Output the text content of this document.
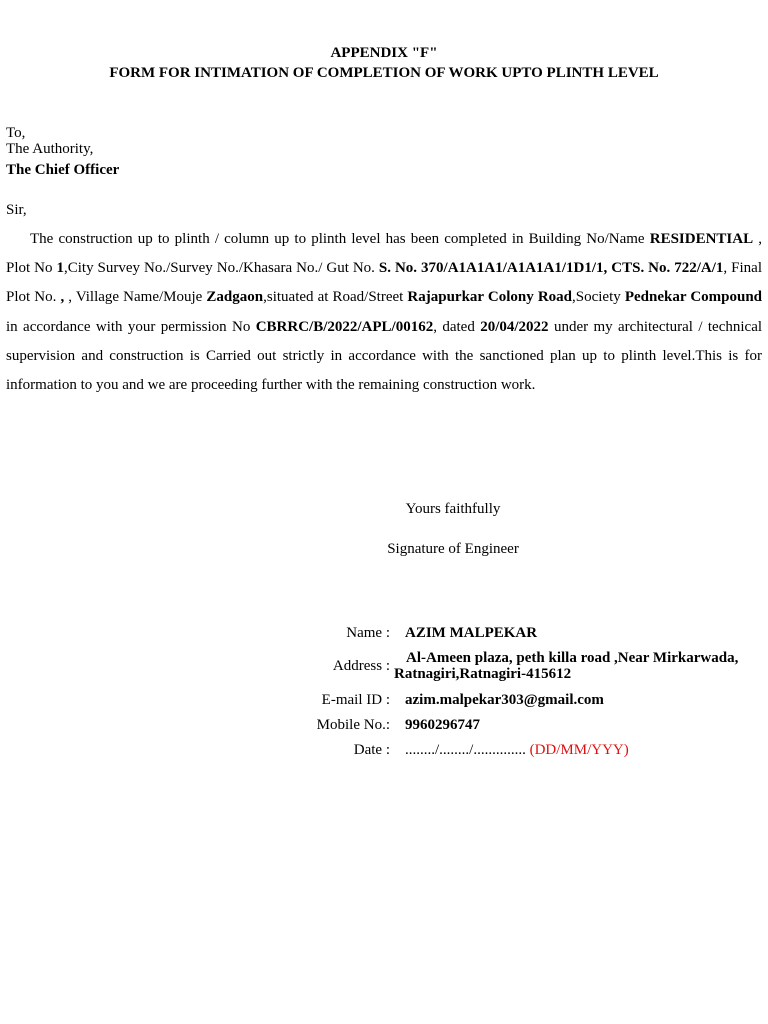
APPENDIX "F"
FORM FOR INTIMATION OF COMPLETION OF WORK UPTO PLINTH LEVEL
To,
The Authority,
The Chief Officer
Sir,
The construction up to plinth / column up to plinth level has been completed in Building No/Name RESIDENTIAL , Plot No 1,City Survey No./Survey No./Khasara No./ Gut No. S. No. 370/A1A1A1/A1A1A1/1D1/1, CTS. No. 722/A/1, Final Plot No. , , Village Name/Mouje Zadgaon,situated at Road/Street Rajapurkar Colony Road,Society Pednekar Compound in accordance with your permission No CBRRC/B/2022/APL/00162, dated 20/04/2022 under my architectural / technical supervision and construction is Carried out strictly in accordance with the sanctioned plan up to plinth level.This is for information to you and we are proceeding further with the remaining construction work.
Yours faithfully
Signature of Engineer
Name : AZIM MALPEKAR
Address :	Al-Ameen plaza, peth killa road ,Near Mirkarwada, Ratnagiri,Ratnagiri-415612
E-mail ID : azim.malpekar303@gmail.com
Mobile No.: 9960296747
Date : ......../......../.............. (DD/MM/YYY)
